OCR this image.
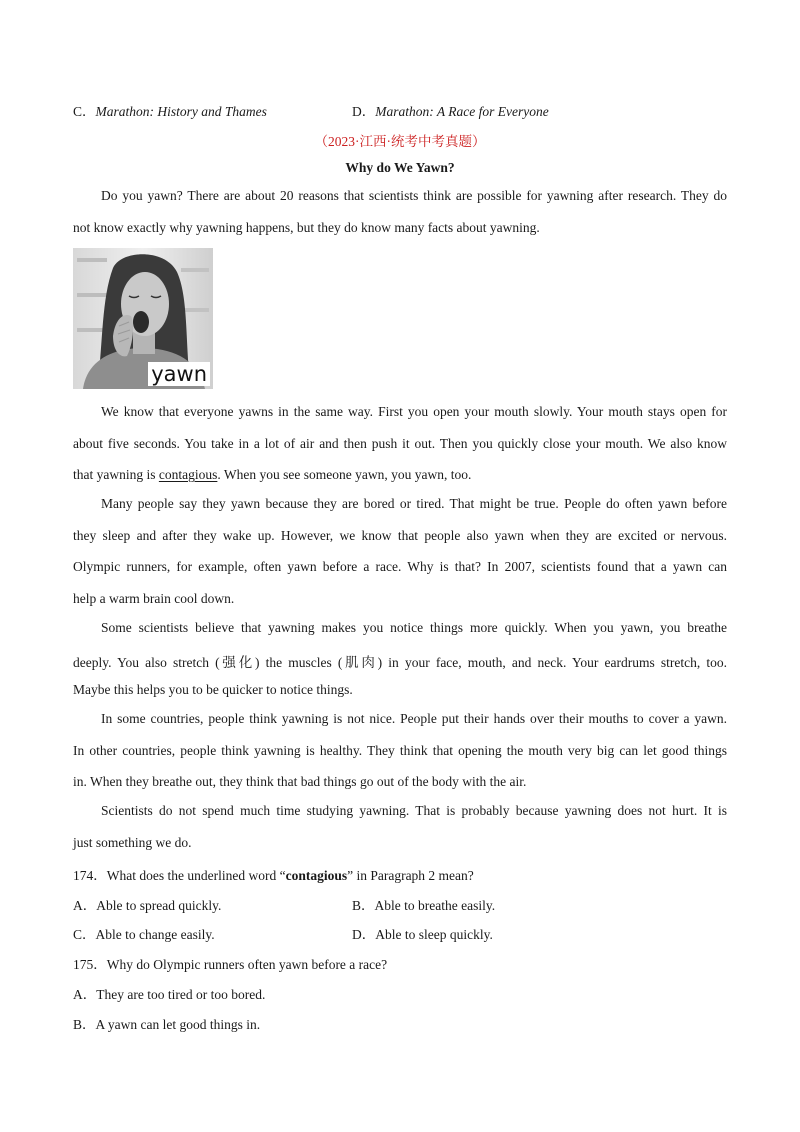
C．Marathon: History and Thames	D．Marathon: A Race for Everyone
（2023·江西·统考中考真题）
Why do We Yawn?
Do you yawn? There are about 20 reasons that scientists think are possible for yawning after research. They do
not know exactly why yawning happens, but they do know many facts about yawning.
yawn
We know that everyone yawns in the same way. First you open your mouth slowly. Your mouth stays open for
about five seconds. You take in a lot of air and then push it out. Then you quickly close your mouth. We also know
that yawning is contagious. When you see someone yawn, you yawn, too.
Many people say they yawn because they are bored or tired. That might be true. People do often yawn before
they sleep and after they wake up. However, we know that people also yawn when they are excited or nervous.
Olympic runners, for example, often yawn before a race. Why is that? In 2007, scientists found that a yawn can
help a warm brain cool down.
Some scientists believe that yawning makes you notice things more quickly. When you yawn, you breathe
deeply. You also stretch (强化) the muscles (肌肉) in your face, mouth, and neck. Your eardrums stretch, too.
Maybe this helps you to be quicker to notice things.
In some countries, people think yawning is not nice. People put their hands over their mouths to cover a yawn.
In other countries, people think yawning is healthy. They think that opening the mouth very big can let good things
in. When they breathe out, they think that bad things go out of the body with the air.
Scientists do not spend much time studying yawning. That is probably because yawning does not hurt. It is
just something we do.
174．What does the underlined word “contagious” in Paragraph 2 mean?
A．Able to spread quickly.	B．Able to breathe easily.
C．Able to change easily.	D．Able to sleep quickly.
175．Why do Olympic runners often yawn before a race?
A．They are too tired or too bored.
B．A yawn can let good things in.
